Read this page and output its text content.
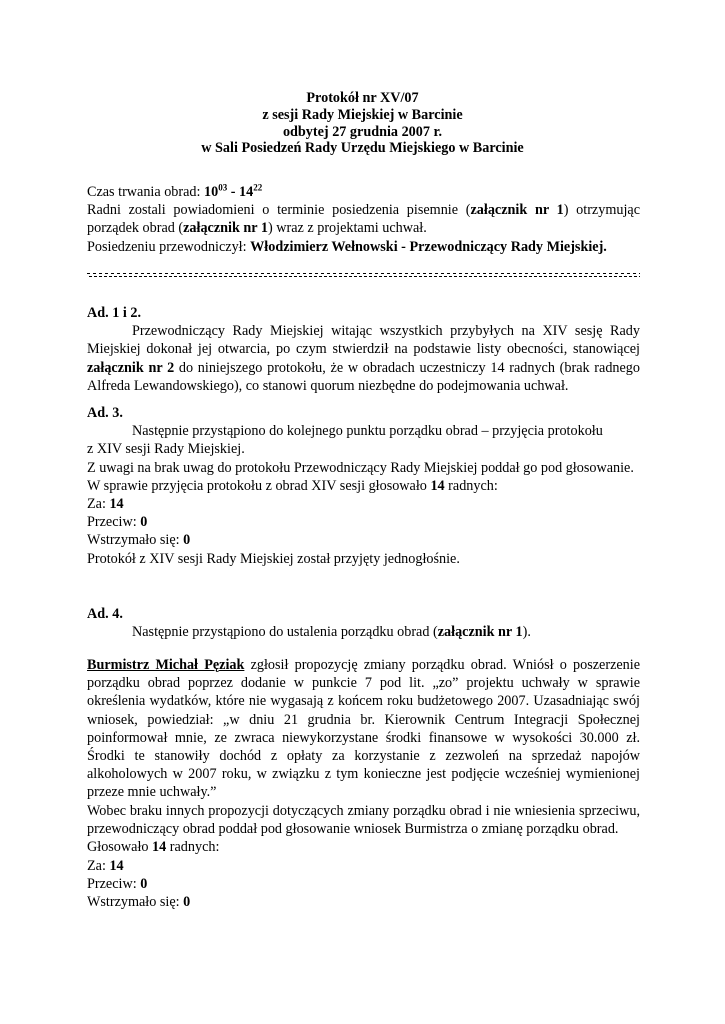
Protokół nr XV/07
z sesji Rady Miejskiej w Barcinie
odbytej 27 grudnia 2007 r.
w Sali Posiedzeń Rady Urzędu Miejskiego w Barcinie
Czas trwania obrad: $10^{03} - 14^{22}$
Radni zostali powiadomieni o terminie posiedzenia pisemnie (załącznik nr 1) otrzymując porządek obrad (załącznik nr 1) wraz z projektami uchwał.
Posiedzeniu przewodniczył: Włodzimierz Wełnowski - Przewodniczący Rady Miejskiej.
Ad. 1 i 2.
Przewodniczący Rady Miejskiej witając wszystkich przybyłych na XIV sesję Rady Miejskiej dokonał jej otwarcia, po czym stwierdził na podstawie listy obecności, stanowiącej załącznik nr 2 do niniejszego protokołu, że w obradach uczestniczy 14 radnych (brak radnego Alfreda Lewandowskiego), co stanowi quorum niezbędne do podejmowania uchwał.
Ad. 3.
Następnie przystąpiono do kolejnego punktu porządku obrad – przyjęcia protokołu
z XIV sesji Rady Miejskiej.
Z uwagi na brak uwag do protokołu Przewodniczący Rady Miejskiej poddał go pod głosowanie.
W sprawie przyjęcia protokołu z obrad XIV sesji głosowało 14 radnych:
Za: 14
Przeciw: 0
Wstrzymało się: 0
Protokół z XIV sesji Rady Miejskiej został przyjęty jednogłośnie.
Ad. 4.
Następnie przystąpiono do ustalenia porządku obrad (załącznik nr 1).
Burmistrz Michał Pęziak zgłosił propozycję zmiany porządku obrad. Wniósł o poszerzenie porządku obrad poprzez dodanie w punkcie 7 pod lit. „zo” projektu uchwały w sprawie określenia wydatków, które nie wygasają z końcem roku budżetowego 2007. Uzasadniając swój wniosek, powiedział: „w dniu 21 grudnia br. Kierownik Centrum Integracji Społecznej poinformował mnie, ze zwraca niewykorzystane środki finansowe w wysokości 30.000 zł. Środki te stanowiły dochód z opłaty za korzystanie z zezwoleń na sprzedaż napojów alkoholowych w 2007 roku, w związku z tym konieczne jest podjęcie wcześniej wymienionej przeze mnie uchwały.”
Wobec braku innych propozycji dotyczących zmiany porządku obrad i nie wniesienia sprzeciwu, przewodniczący obrad poddał pod głosowanie wniosek Burmistrza o zmianę porządku obrad.
Głosowało 14 radnych:
Za: 14
Przeciw: 0
Wstrzymało się: 0
